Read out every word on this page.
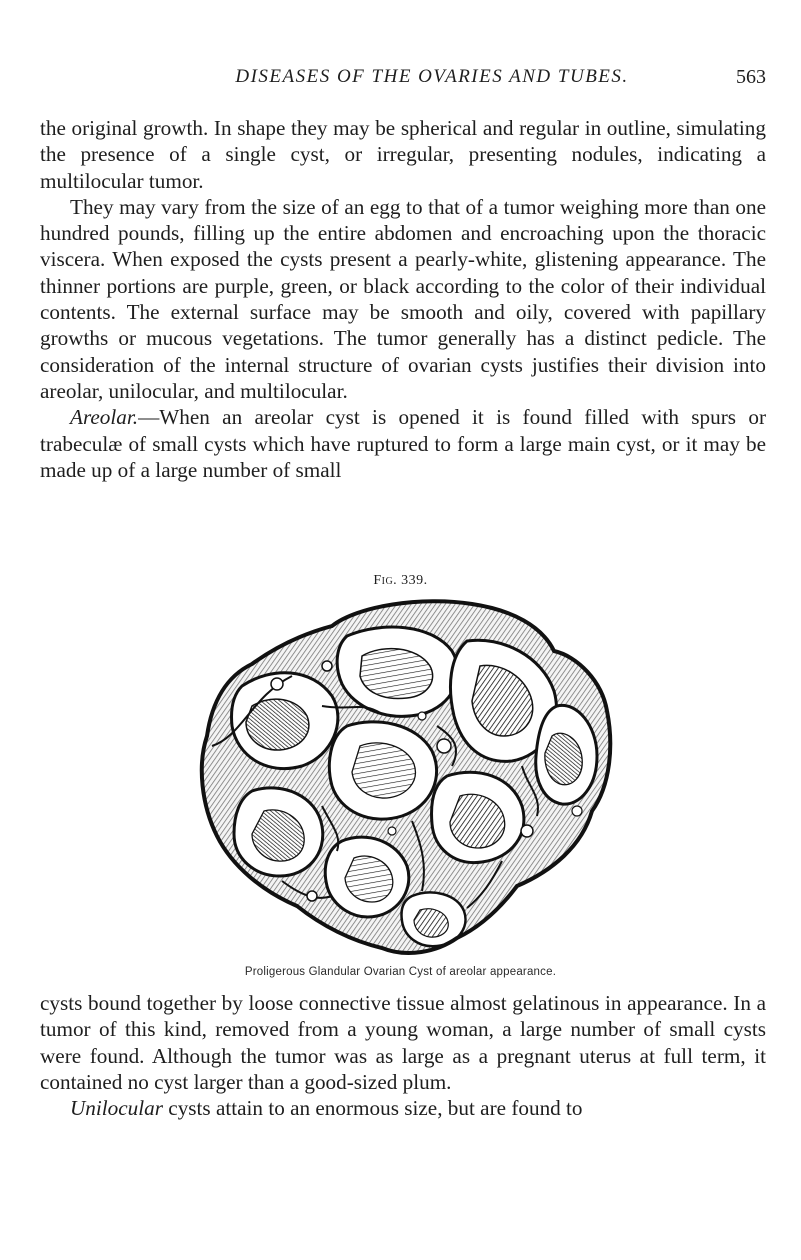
DISEASES OF THE OVARIES AND TUBES.	563

the original growth. In shape they may be spherical and regular in outline, simulating the presence of a single cyst, or irregular, presenting nodules, indicating a multilocular tumor.

They may vary from the size of an egg to that of a tumor weighing more than one hundred pounds, filling up the entire abdomen and encroaching upon the thoracic viscera. When exposed the cysts present a pearly-white, glistening appearance. The thinner portions are purple, green, or black according to the color of their individual contents. The external surface may be smooth and oily, covered with papillary growths or mucous vegetations. The tumor generally has a distinct pedicle. The consideration of the internal structure of ovarian cysts justifies their division into areolar, unilocular, and multilocular.

Areolar.—When an areolar cyst is opened it is found filled with spurs or trabeculæ of small cysts which have ruptured to form a large main cyst, or it may be made up of a large number of small

Fig. 339.
Proligerous Glandular Ovarian Cyst of areolar appearance.

cysts bound together by loose connective tissue almost gelatinous in appearance. In a tumor of this kind, removed from a young woman, a large number of small cysts were found. Although the tumor was as large as a pregnant uterus at full term, it contained no cyst larger than a good-sized plum.

Unilocular cysts attain to an enormous size, but are found to
